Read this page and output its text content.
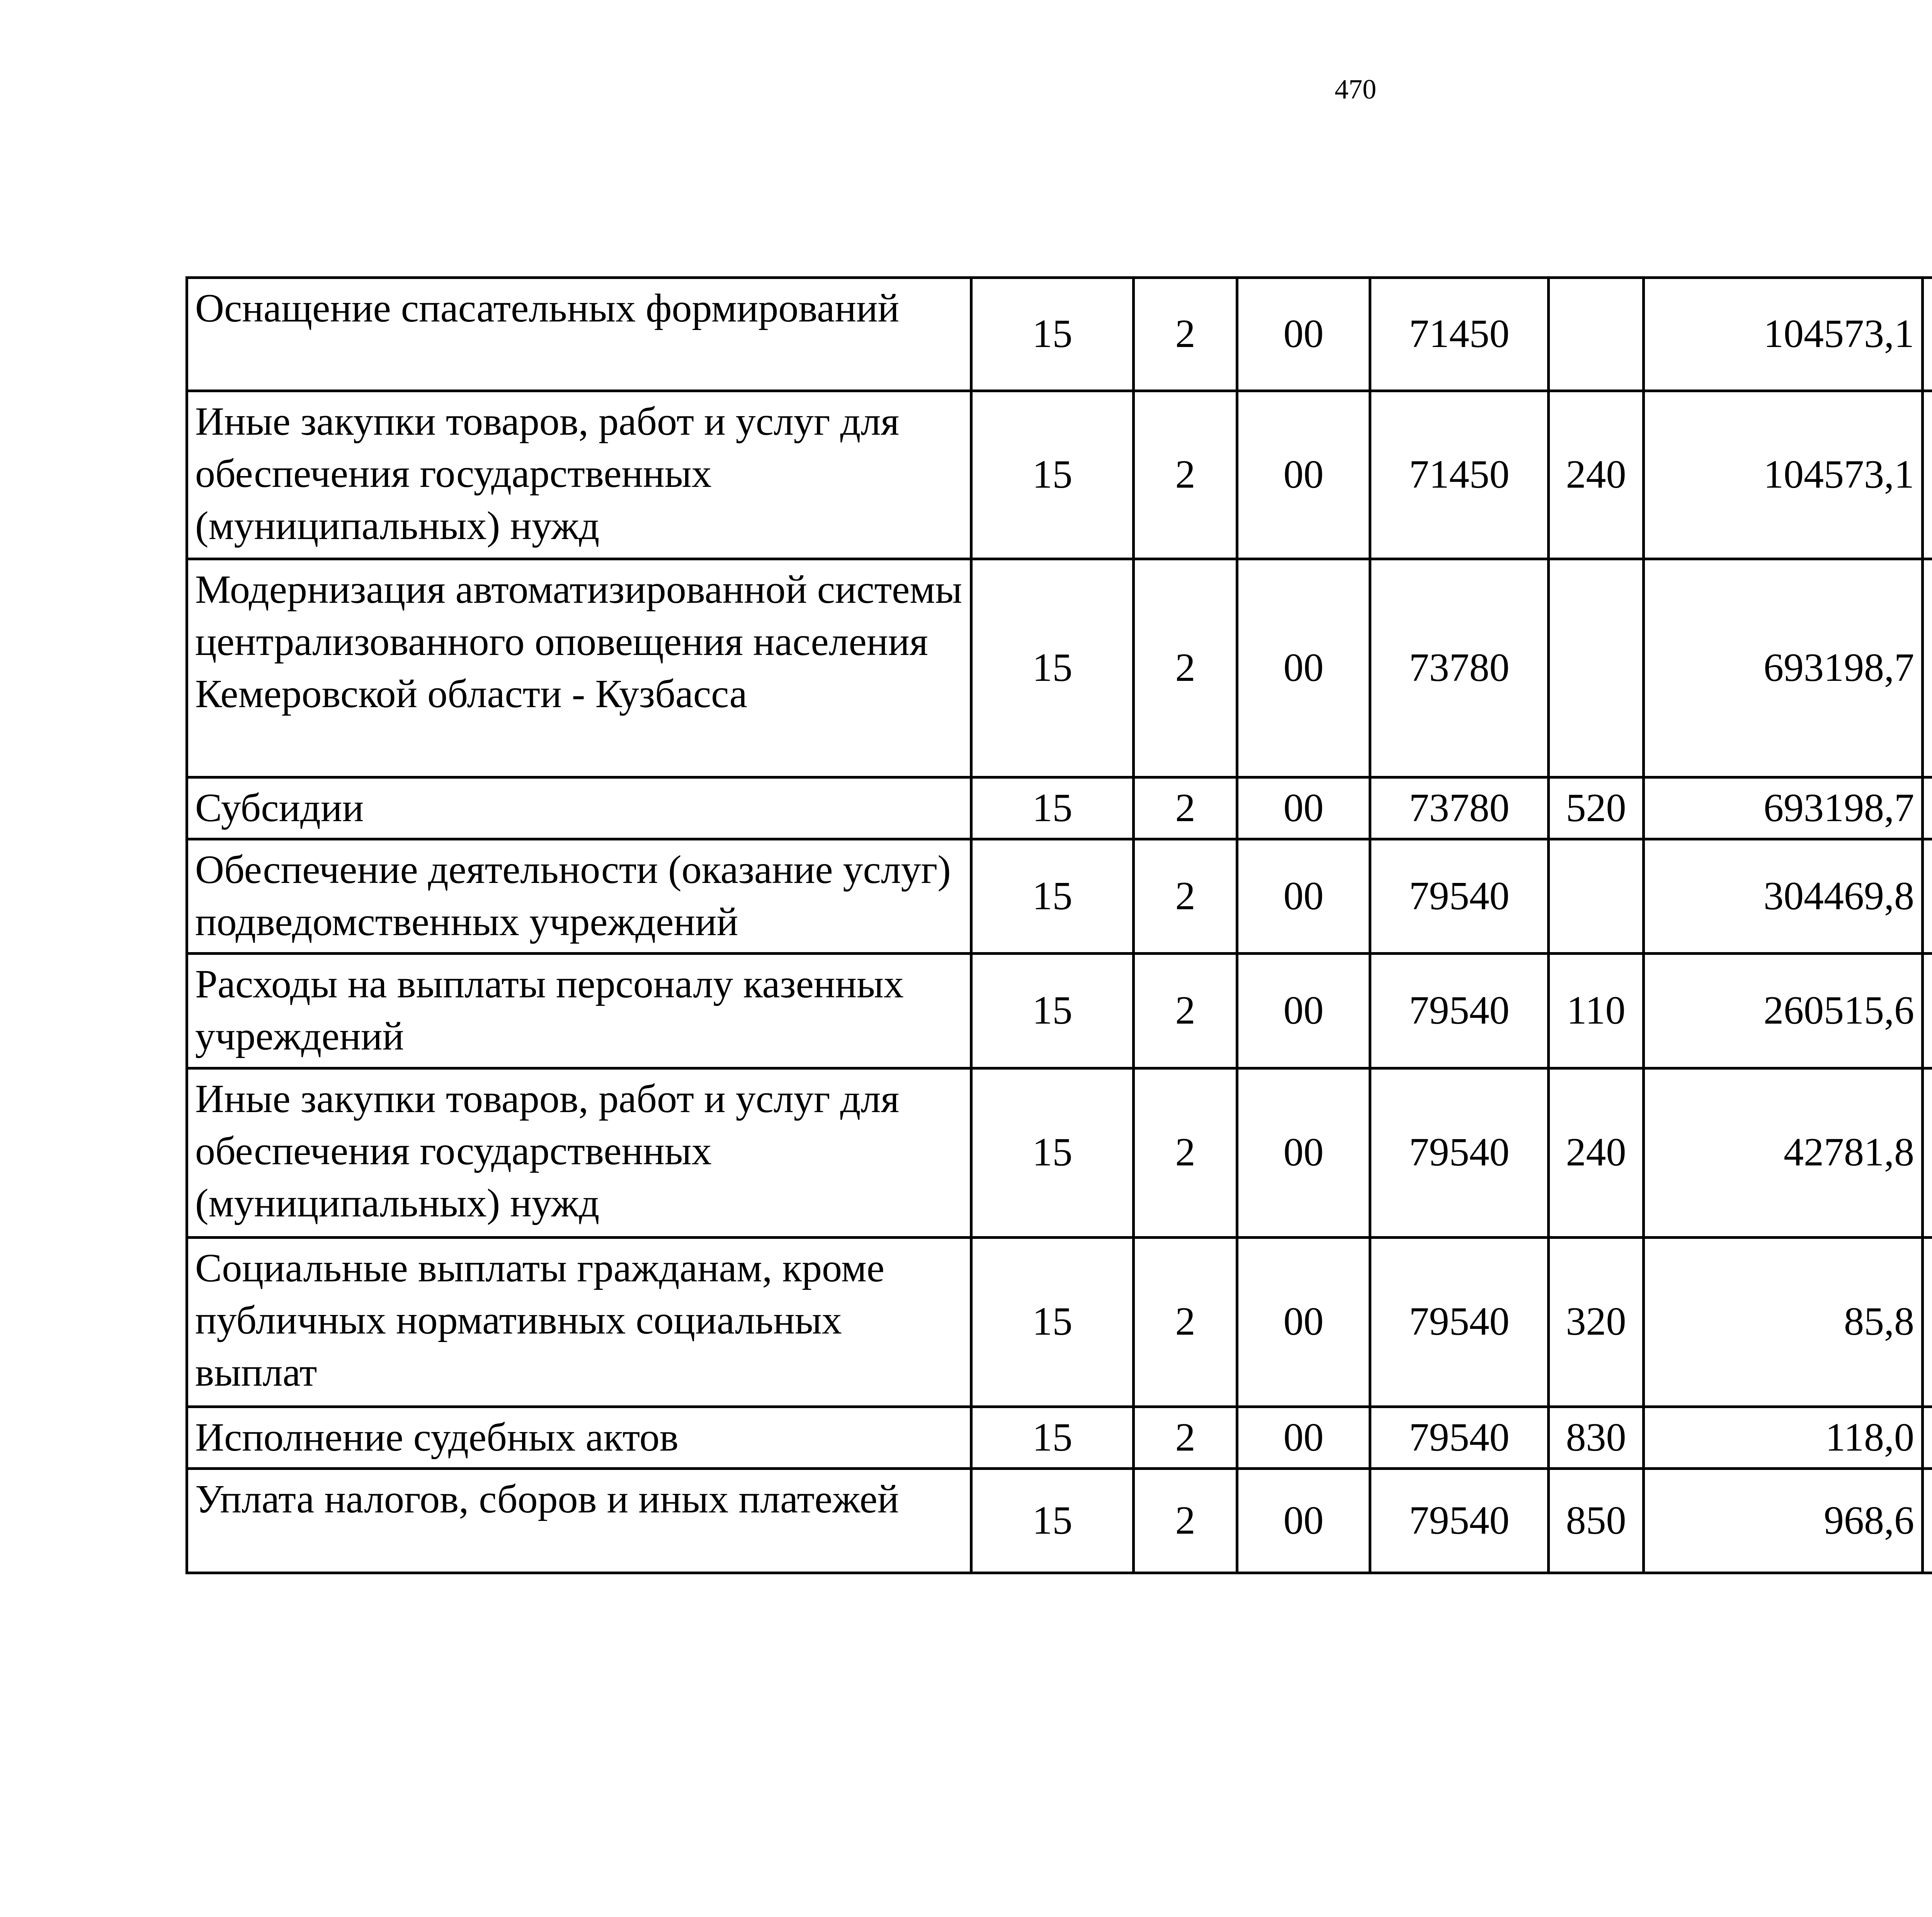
470
Оснащение спасательных формирований	15	2	00	71450		104573,1		
Иные закупки товаров, работ и услуг для обеспечения государственных (муниципальных) нужд	15	2	00	71450	240	104573,1		
Модернизация автоматизированной системы централизованного оповещения населения Кемеровской области - Кузбасса	15	2	00	73780		693198,7		
Субсидии	15	2	00	73780	520	693198,7		
Обеспечение деятельности (оказание услуг) подведомственных учреждений	15	2	00	79540		304469,8		
Расходы на выплаты персоналу казенных учреждений	15	2	00	79540	110	260515,6		
Иные закупки товаров, работ и услуг для обеспечения государственных (муниципальных) нужд	15	2	00	79540	240	42781,8		
Социальные выплаты гражданам, кроме публичных нормативных социальных выплат	15	2	00	79540	320	85,8		
Исполнение судебных актов	15	2	00	79540	830	118,0		
Уплата налогов, сборов и иных платежей	15	2	00	79540	850	968,6		
